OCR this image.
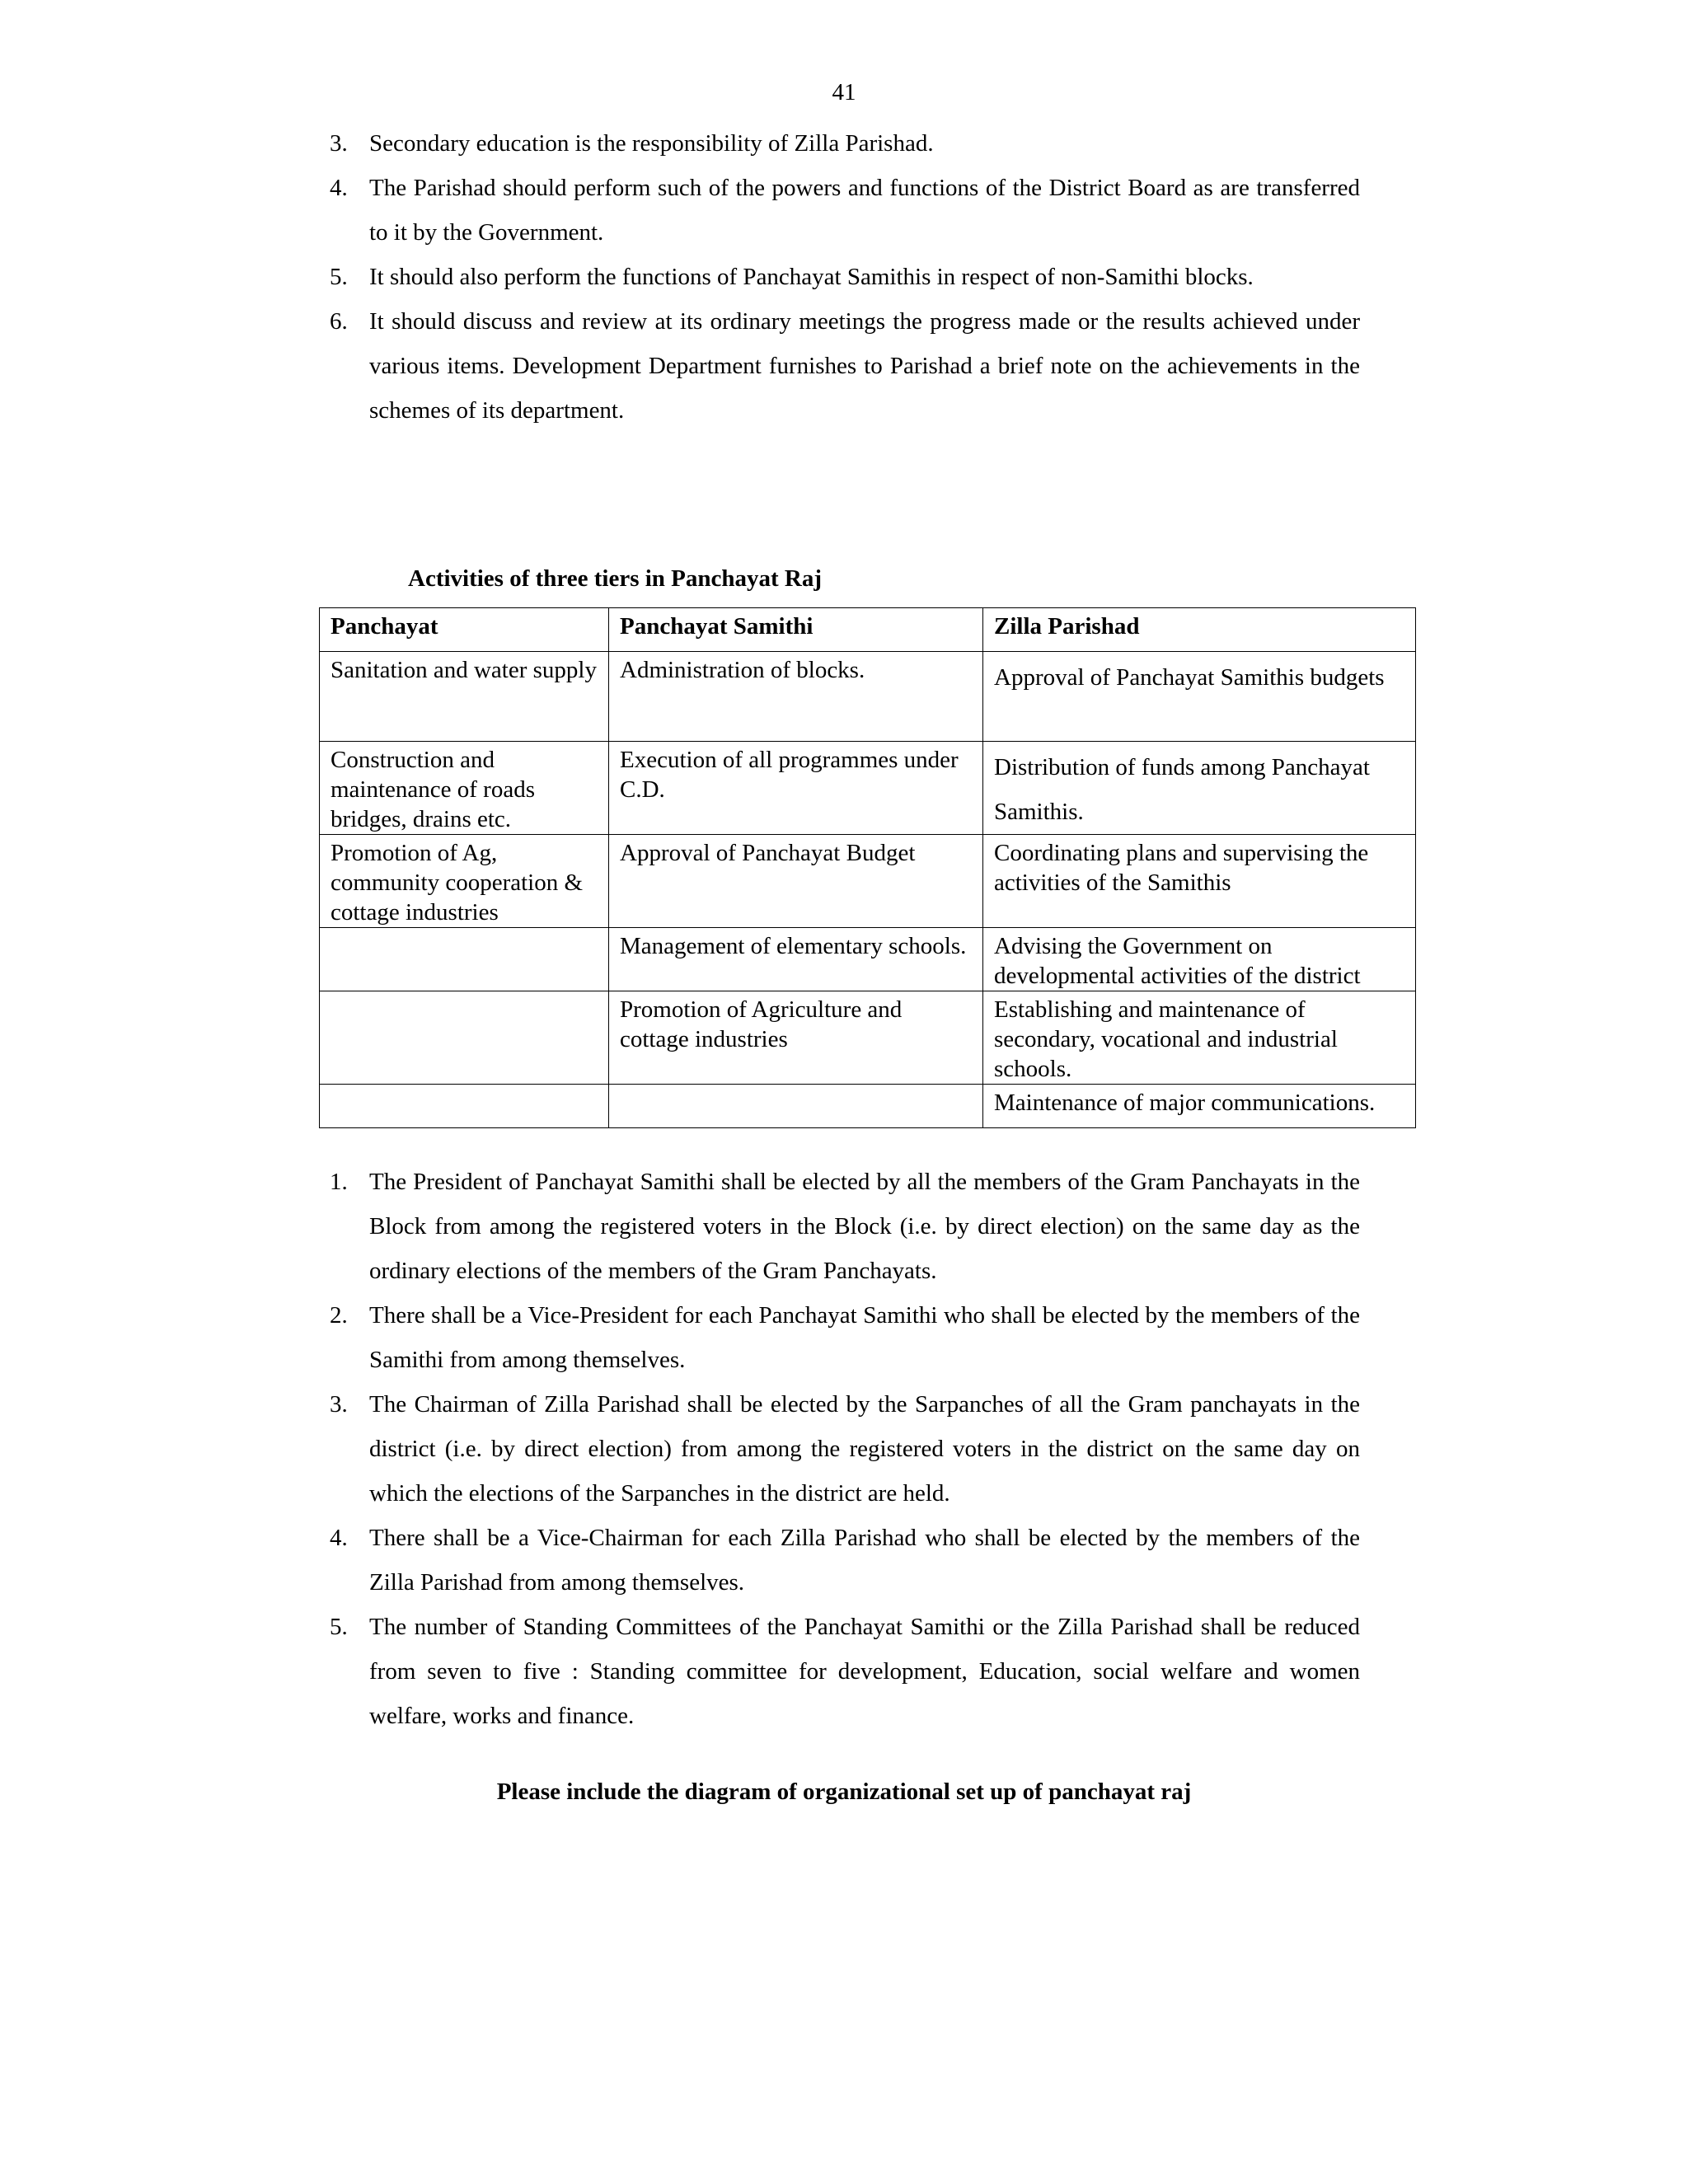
41
3. Secondary education is the responsibility of Zilla Parishad.
4. The Parishad should perform such of the powers and functions of the District Board as are transferred to it by the Government.
5. It should also perform the functions of Panchayat Samithis in respect of non-Samithi blocks.
6. It should discuss and review at its ordinary meetings the progress made or the results achieved under various items. Development Department furnishes to Parishad a brief note on the achievements in the schemes of its department.
Activities of three tiers in Panchayat Raj
Panchayat	Panchayat Samithi	Zilla Parishad
Sanitation and water supply	Administration of blocks.	Approval of Panchayat Samithis budgets
Construction and maintenance of roads bridges, drains etc.	Execution of all programmes under C.D.	Distribution of funds among Panchayat Samithis.
Promotion of Ag, community cooperation & cottage industries	Approval of Panchayat Budget	Coordinating plans and supervising the activities of the Samithis
	Management of elementary schools.	Advising the Government on developmental activities of the district
	Promotion of Agriculture and cottage industries	Establishing and maintenance of secondary, vocational and industrial schools.
		Maintenance of major communications.
1. The President of Panchayat Samithi shall be elected by all the members of the Gram Panchayats in the Block from among the registered voters in the Block (i.e. by direct election) on the same day as the ordinary elections of the members of the Gram Panchayats.
2. There shall be a Vice-President for each Panchayat Samithi who shall be elected by the members of the Samithi from among themselves.
3. The Chairman of Zilla Parishad shall be elected by the Sarpanches of all the Gram panchayats in the district (i.e. by direct election) from among the registered voters in the district on the same day on which the elections of the Sarpanches in the district are held.
4. There shall be a Vice-Chairman for each Zilla Parishad who shall be elected by the members of the Zilla Parishad from among themselves.
5. The number of Standing Committees of the Panchayat Samithi or the Zilla Parishad shall be reduced from seven to five : Standing committee for development, Education, social welfare and women welfare, works and finance.
Please include the diagram of organizational set up of panchayat raj
